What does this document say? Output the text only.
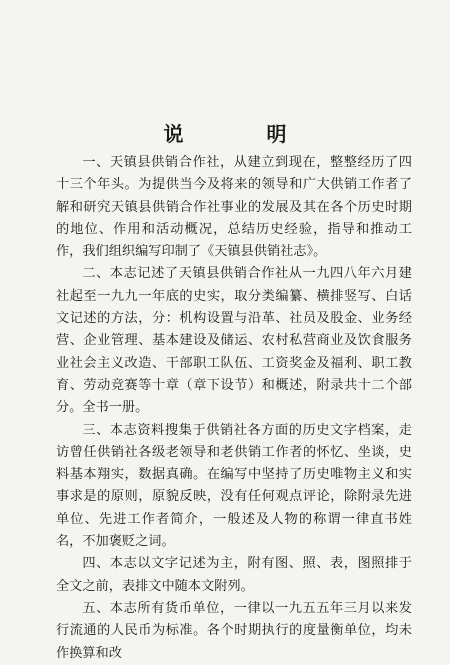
说 明

一、天镇县供销合作社，从建立到现在，整整经历了四十三个年头。为提供当今及将来的领导和广大供销工作者了解和研究天镇县供销合作社事业的发展及其在各个历史时期的地位、作用和活动概况，总结历史经验，指导和推动工作，我们组织编写印制了《天镇县供销社志》。

二、本志记述了天镇县供销合作社从一九四八年六月建社起至一九九一年底的史实，取分类编纂、横排竖写、白话文记述的方法，分：机构设置与沿革、社员及股金、业务经营、企业管理、基本建设及储运、农村私营商业及饮食服务业社会主义改造、干部职工队伍、工资奖金及福利、职工教育、劳动竞赛等十章（章下设节）和概述，附录共十二个部分。全书一册。

三、本志资料搜集于供销社各方面的历史文字档案，走访曾任供销社各级老领导和老供销工作者的怀忆、坐谈，史料基本翔实，数据真确。在编写中坚持了历史唯物主义和实事求是的原则，原貌反映，没有任何观点评论，除附录先进单位、先进工作者简介，一般述及人物的称谓一律直书姓名，不加褒贬之词。

四、本志以文字记述为主，附有图、照、表，图照排于全文之前，表排文中随本文附列。

五、本志所有货币单位，一律以一九五五年三月以来发行流通的人民币为标准。各个时期执行的度量衡单位，均未作换算和改
